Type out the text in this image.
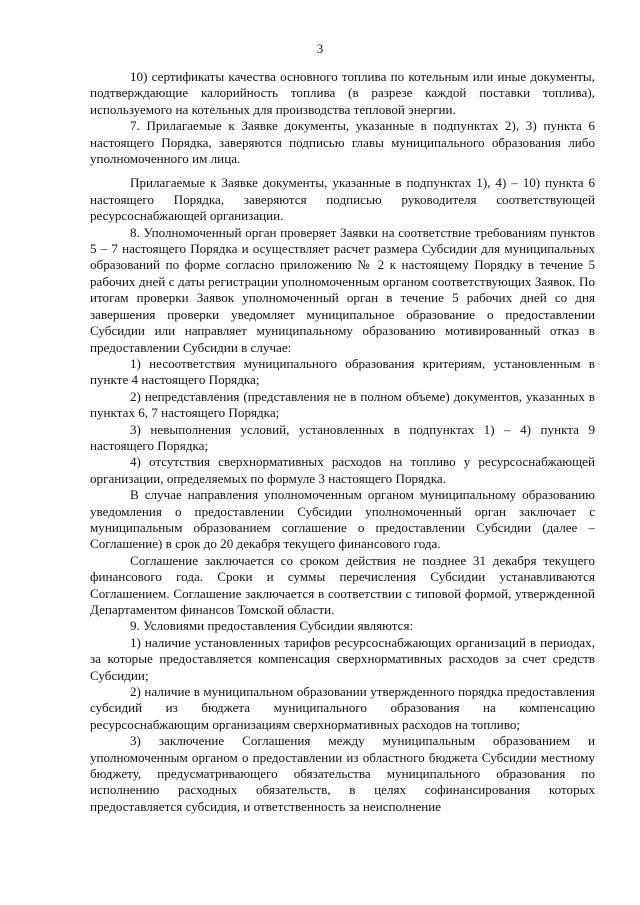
3

10) сертификаты качества основного топлива по котельным или иные документы, подтверждающие калорийность топлива (в разрезе каждой поставки топлива), используемого на котельных для производства тепловой энергии.

7. Прилагаемые к Заявке документы, указанные в подпунктах 2), 3) пункта 6 настоящего Порядка, заверяются подписью главы муниципального образования либо уполномоченного им лица.

Прилагаемые к Заявке документы, указанные в подпунктах 1), 4) – 10) пункта 6 настоящего Порядка, заверяются подписью руководителя соответствующей ресурсоснабжающей организации.

8. Уполномоченный орган проверяет Заявки на соответствие требованиям пунктов 5 – 7 настоящего Порядка и осуществляет расчет размера Субсидии для муниципальных образований по форме согласно приложению № 2 к настоящему Порядку в течение 5 рабочих дней с даты регистрации уполномоченным органом соответствующих Заявок. По итогам проверки Заявок уполномоченный орган в течение 5 рабочих дней со дня завершения проверки уведомляет муниципальное образование о предоставлении Субсидии или направляет муниципальному образованию мотивированный отказ в предоставлении Субсидии в случае:

1) несоответствия муниципального образования критериям, установленным в пункте 4 настоящего Порядка;

2) непредставления (представления не в полном объеме) документов, указанных в пунктах 6, 7 настоящего Порядка;

3) невыполнения условий, установленных в подпунктах 1) – 4) пункта 9 настоящего Порядка;

4) отсутствия сверхнормативных расходов на топливо у ресурсоснабжающей организации, определяемых по формуле 3 настоящего Порядка.

В случае направления уполномоченным органом муниципальному образованию уведомления о предоставлении Субсидии уполномоченный орган заключает с муниципальным образованием соглашение о предоставлении Субсидии (далее – Соглашение) в срок до 20 декабря текущего финансового года.

Соглашение заключается со сроком действия не позднее 31 декабря текущего финансового года. Сроки и суммы перечисления Субсидии устанавливаются Соглашением. Соглашение заключается в соответствии с типовой формой, утвержденной Департаментом финансов Томской области.

9. Условиями предоставления Субсидии являются:

1) наличие установленных тарифов ресурсоснабжающих организаций в периодах, за которые предоставляется компенсация сверхнормативных расходов за счет средств Субсидии;

2) наличие в муниципальном образовании утвержденного порядка предоставления субсидий из бюджета муниципального образования на компенсацию ресурсоснабжающим организациям сверхнормативных расходов на топливо;

3) заключение Соглашения между муниципальным образованием и уполномоченным органом о предоставлении из областного бюджета Субсидии местному бюджету, предусматривающего обязательства муниципального образования по исполнению расходных обязательств, в целях софинансирования которых предоставляется субсидия, и ответственность за неисполнение
